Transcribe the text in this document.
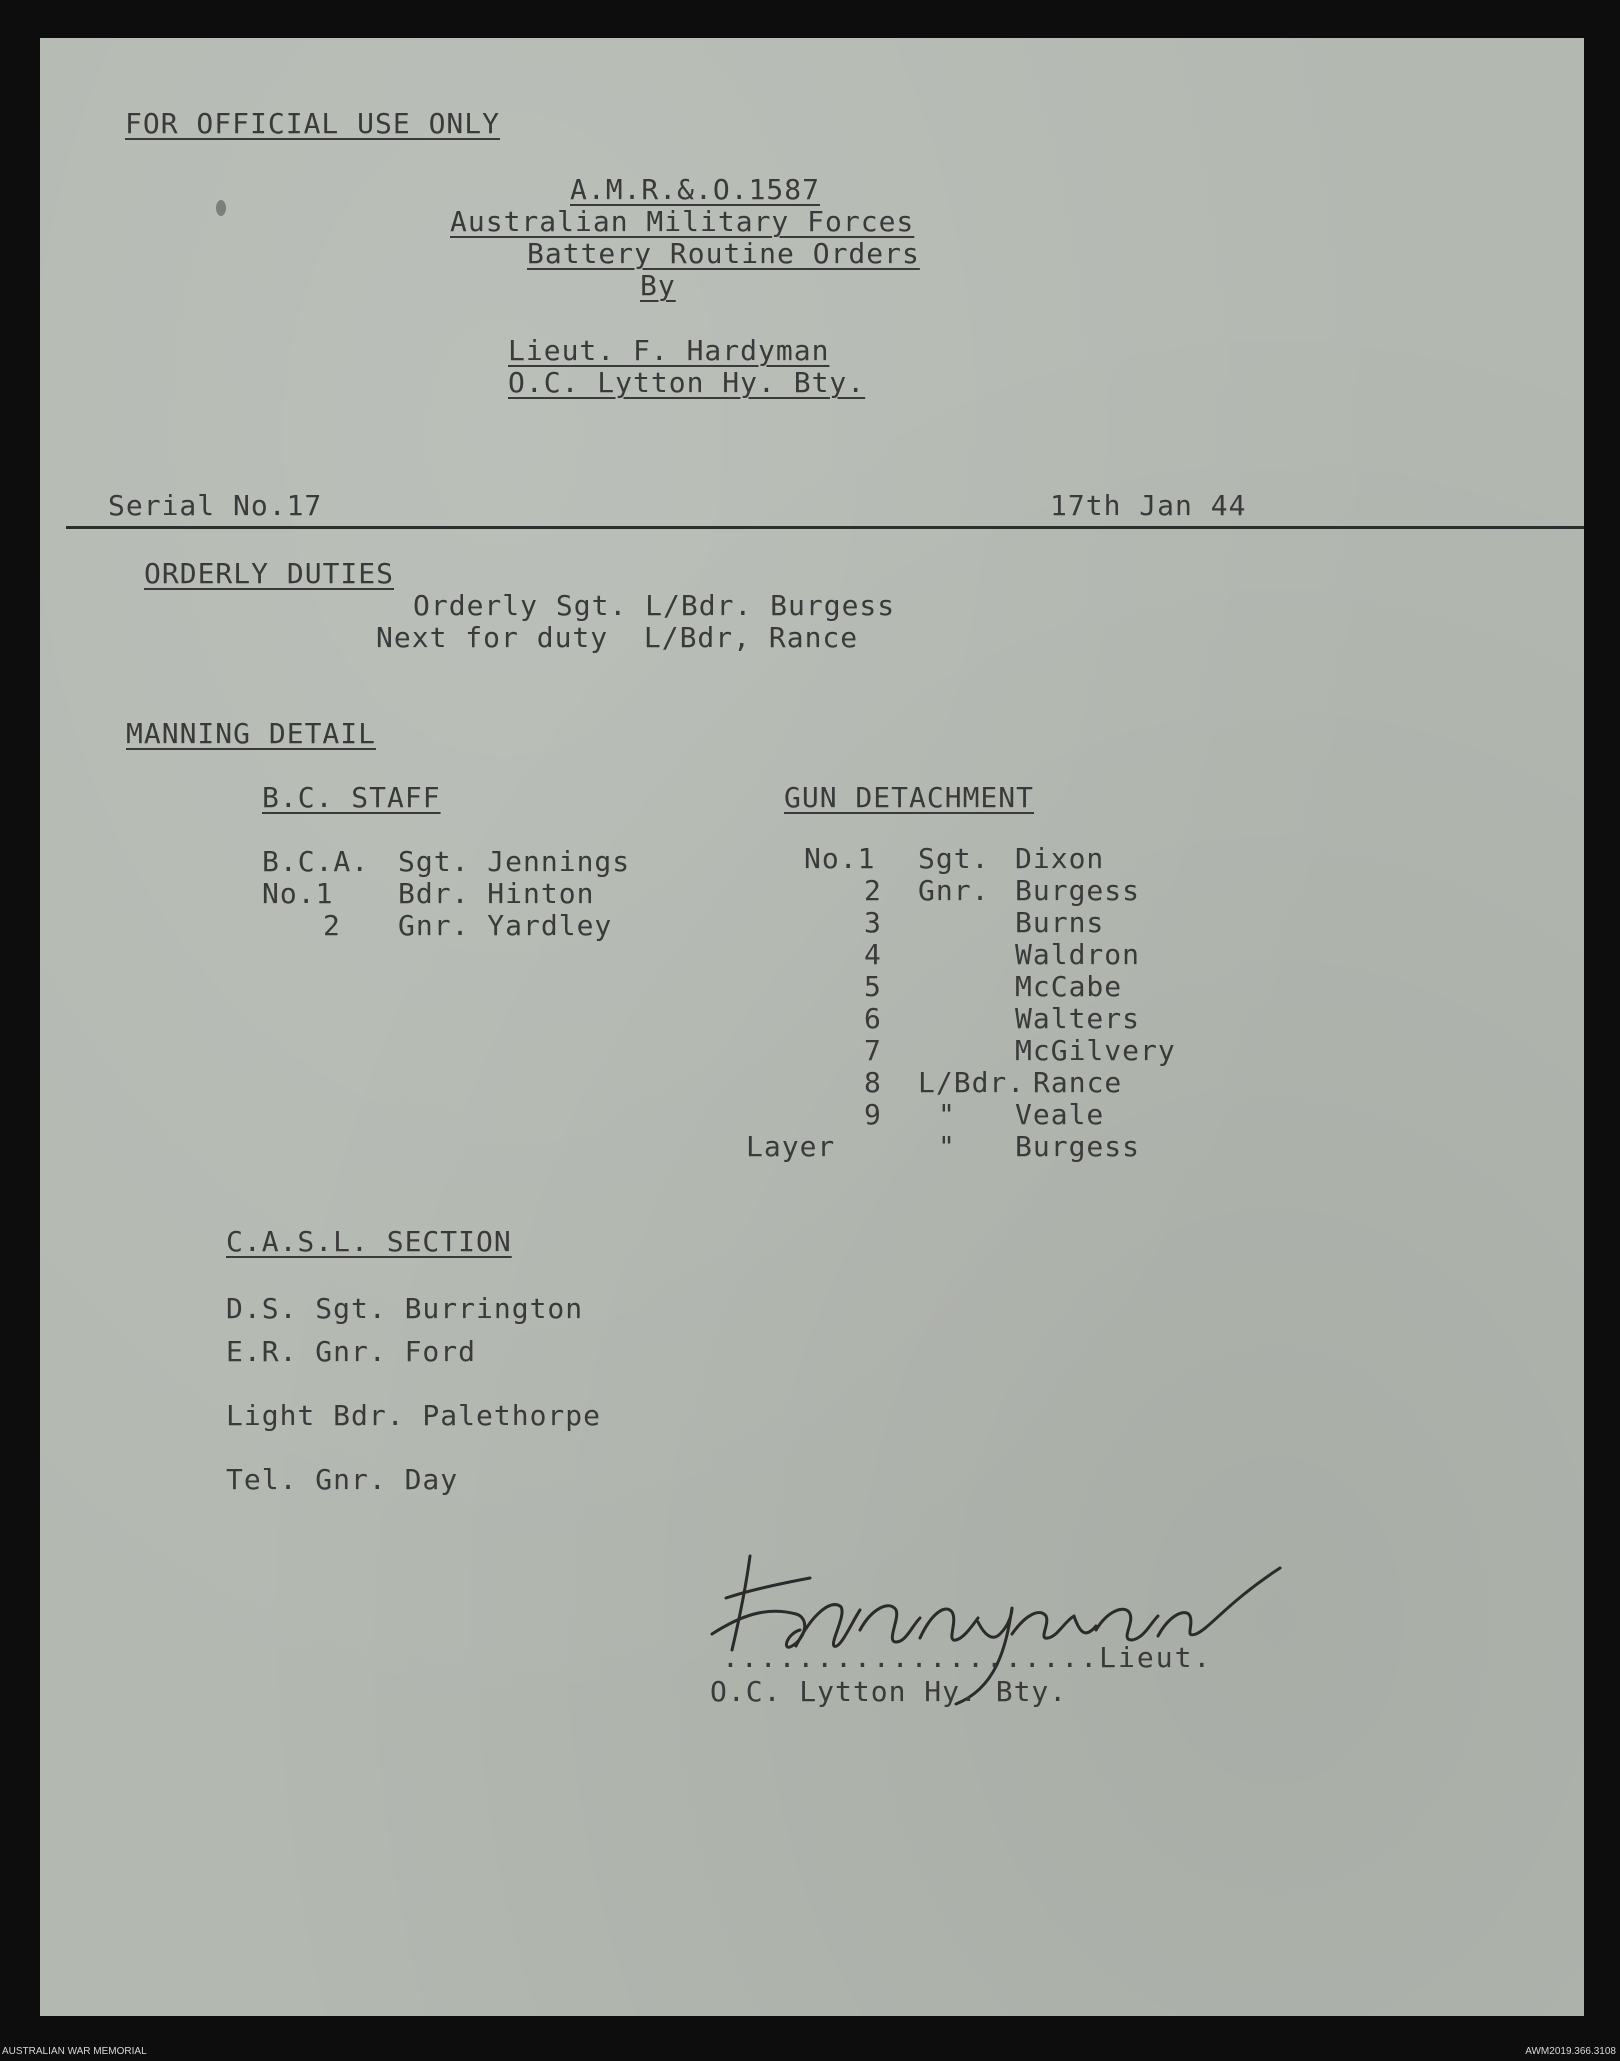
FOR OFFICIAL USE ONLY

A.M.R.&.O.1587

Australian Military Forces

Battery Routine Orders

By

Lieut. F. Hardyman

O.C. Lytton Hy. Bty.

Serial No.17	17th Jan 44

ORDERLY DUTIES

Orderly Sgt. L/Bdr. Burgess

Next for duty  L/Bdr, Rance

MANNING DETAIL

B.C. STAFF

B.C.A. Sgt. Jennings

No.1 Bdr. Hinton

2 Gnr. Yardley

GUN DETACHMENT

No.1 Sgt. Dixon

2 Gnr. Burgess

3	Burns

4	Waldron

5	McCabe

6	Walters

7	McGilvery

8 L/Bdr. Rance

9 " Veale

Layer	" Burgess

C.A.S.L. SECTION

D.S. Sgt. Burrington

E.R. Gnr. Ford

Light Bdr. Palethorpe

Tel. Gnr. Day

FHardyman

....................Lieut.

O.C. Lytton Hy. Bty.

AUSTRALIAN WAR MEMORIAL	AWM2019.366.3108
